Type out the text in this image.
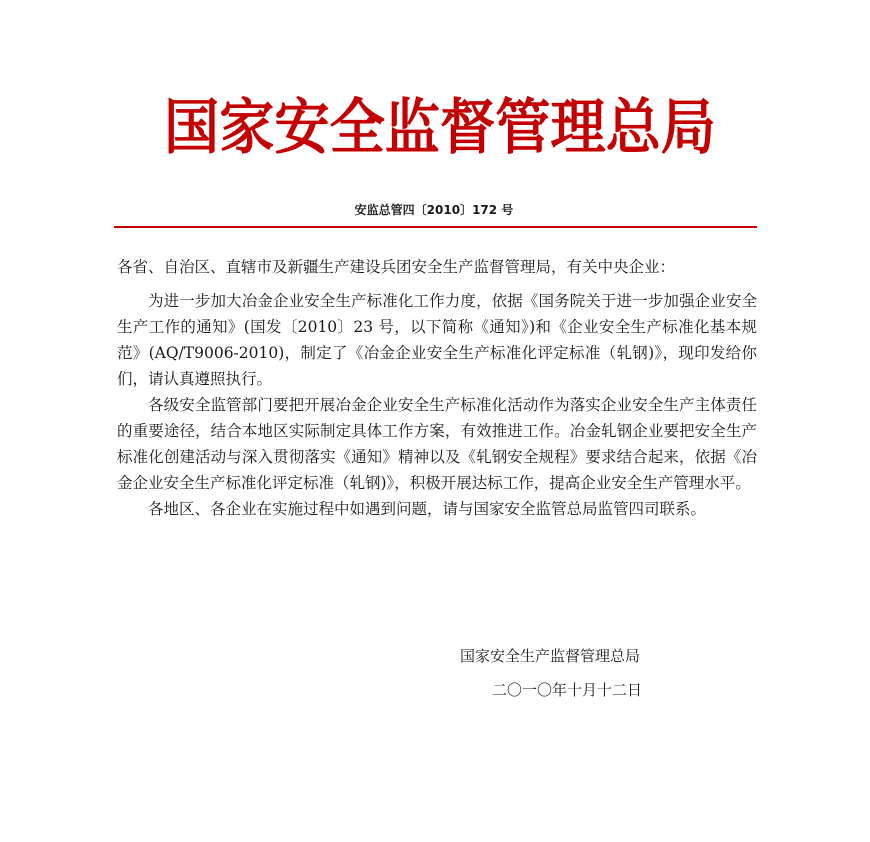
国家安全监督管理总局
安监总管四〔2010〕172 号

各省、自治区、直辖市及新疆生产建设兵团安全生产监督管理局，有关中央企业：

为进一步加大冶金企业安全生产标准化工作力度，依据《国务院关于进一步加强企业安全生产工作的通知》(国发〔2010〕23 号，以下简称《通知》)和《企业安全生产标准化基本规范》(AQ/T9006-2010)，制定了《冶金企业安全生产标准化评定标准（轧钢)》，现印发给你们，请认真遵照执行。

各级安全监管部门要把开展冶金企业安全生产标准化活动作为落实企业安全生产主体责任的重要途径，结合本地区实际制定具体工作方案，有效推进工作。冶金轧钢企业要把安全生产标准化创建活动与深入贯彻落实《通知》精神以及《轧钢安全规程》要求结合起来，依据《冶金企业安全生产标准化评定标准（轧钢)》，积极开展达标工作，提高企业安全生产管理水平。

各地区、各企业在实施过程中如遇到问题，请与国家安全监管总局监管四司联系。

国家安全生产监督管理总局
二〇一〇年十月十二日
